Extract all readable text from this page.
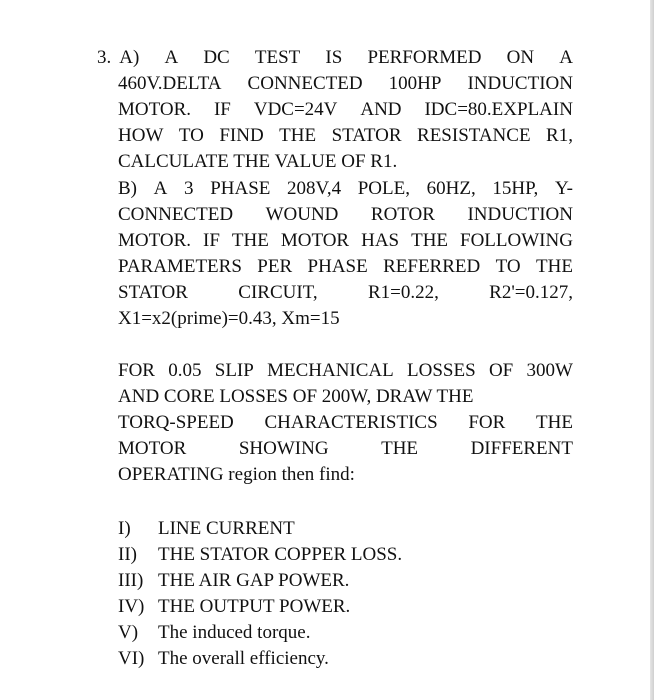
3. A) A DC TEST IS PERFORMED ON A
460V.DELTA CONNECTED 100HP INDUCTION
MOTOR. IF VDC=24V AND IDC=80.EXPLAIN
HOW TO FIND THE STATOR RESISTANCE R1,
CALCULATE THE VALUE OF R1.
B) A 3 PHASE 208V,4 POLE, 60HZ, 15HP, Y-
CONNECTED WOUND ROTOR INDUCTION
MOTOR. IF THE MOTOR HAS THE FOLLOWING
PARAMETERS PER PHASE REFERRED TO THE
STATOR	CIRCUIT,	R1=0.22,	R2'=0.127,
X1=x2(prime)=0.43, Xm=15
FOR 0.05 SLIP MECHANICAL LOSSES OF 300W
AND CORE LOSSES OF 200W, DRAW THE
TORQ-SPEED CHARACTERISTICS FOR THE
MOTOR	SHOWING	THE	DIFFERENT
OPERATING region then find:
I) LINE CURRENT
II) THE STATOR COPPER LOSS.
III) THE AIR GAP POWER.
IV) THE OUTPUT POWER.
V) The induced torque.
VI) The overall efficiency.
